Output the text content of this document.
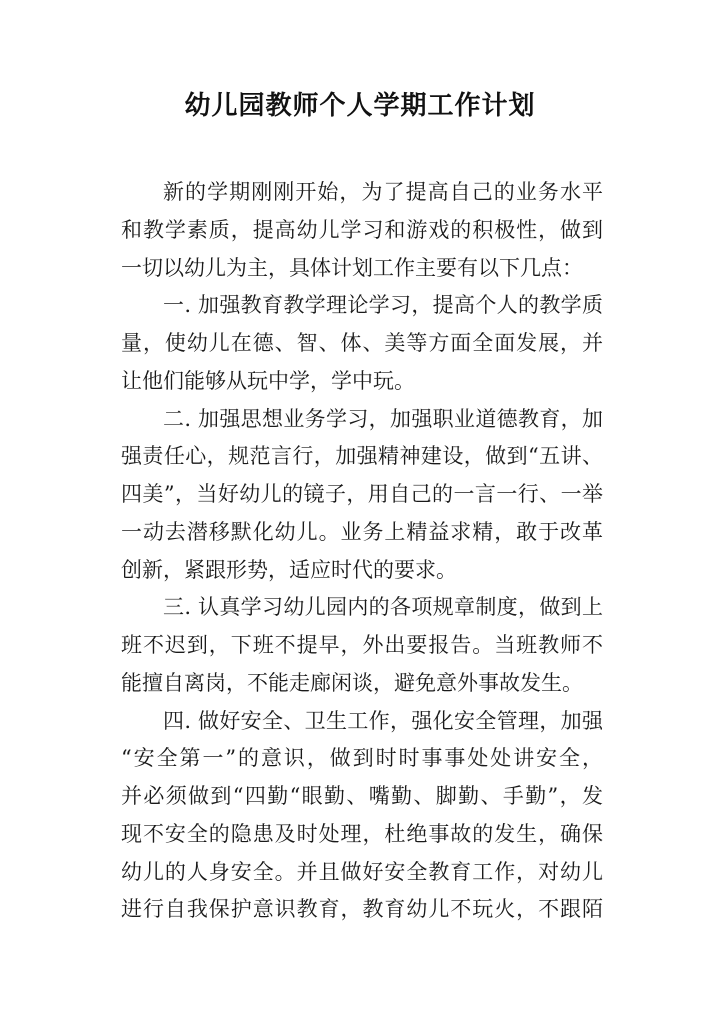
幼儿园教师个人学期工作计划
新的学期刚刚开始，为了提高自己的业务水平
和教学素质，提高幼儿学习和游戏的积极性，做到
一切以幼儿为主，具体计划工作主要有以下几点：
一. 加强教育教学理论学习，提高个人的教学质
量，使幼儿在德、智、体、美等方面全面发展，并
让他们能够从玩中学，学中玩。
二. 加强思想业务学习，加强职业道德教育，加
强责任心，规范言行，加强精神建设，做到“五讲、
四美”，当好幼儿的镜子，用自己的一言一行、一举
一动去潜移默化幼儿。业务上精益求精，敢于改革
创新，紧跟形势，适应时代的要求。
三. 认真学习幼儿园内的各项规章制度，做到上
班不迟到，下班不提早，外出要报告。当班教师不
能擅自离岗，不能走廊闲谈，避免意外事故发生。
四. 做好安全、卫生工作，强化安全管理，加强
“安全第一”的意识，做到时时事事处处讲安全，
并必须做到“四勤“眼勤、嘴勤、脚勤、手勤”，发
现不安全的隐患及时处理，杜绝事故的发生，确保
幼儿的人身安全。并且做好安全教育工作，对幼儿
进行自我保护意识教育，教育幼儿不玩火，不跟陌
